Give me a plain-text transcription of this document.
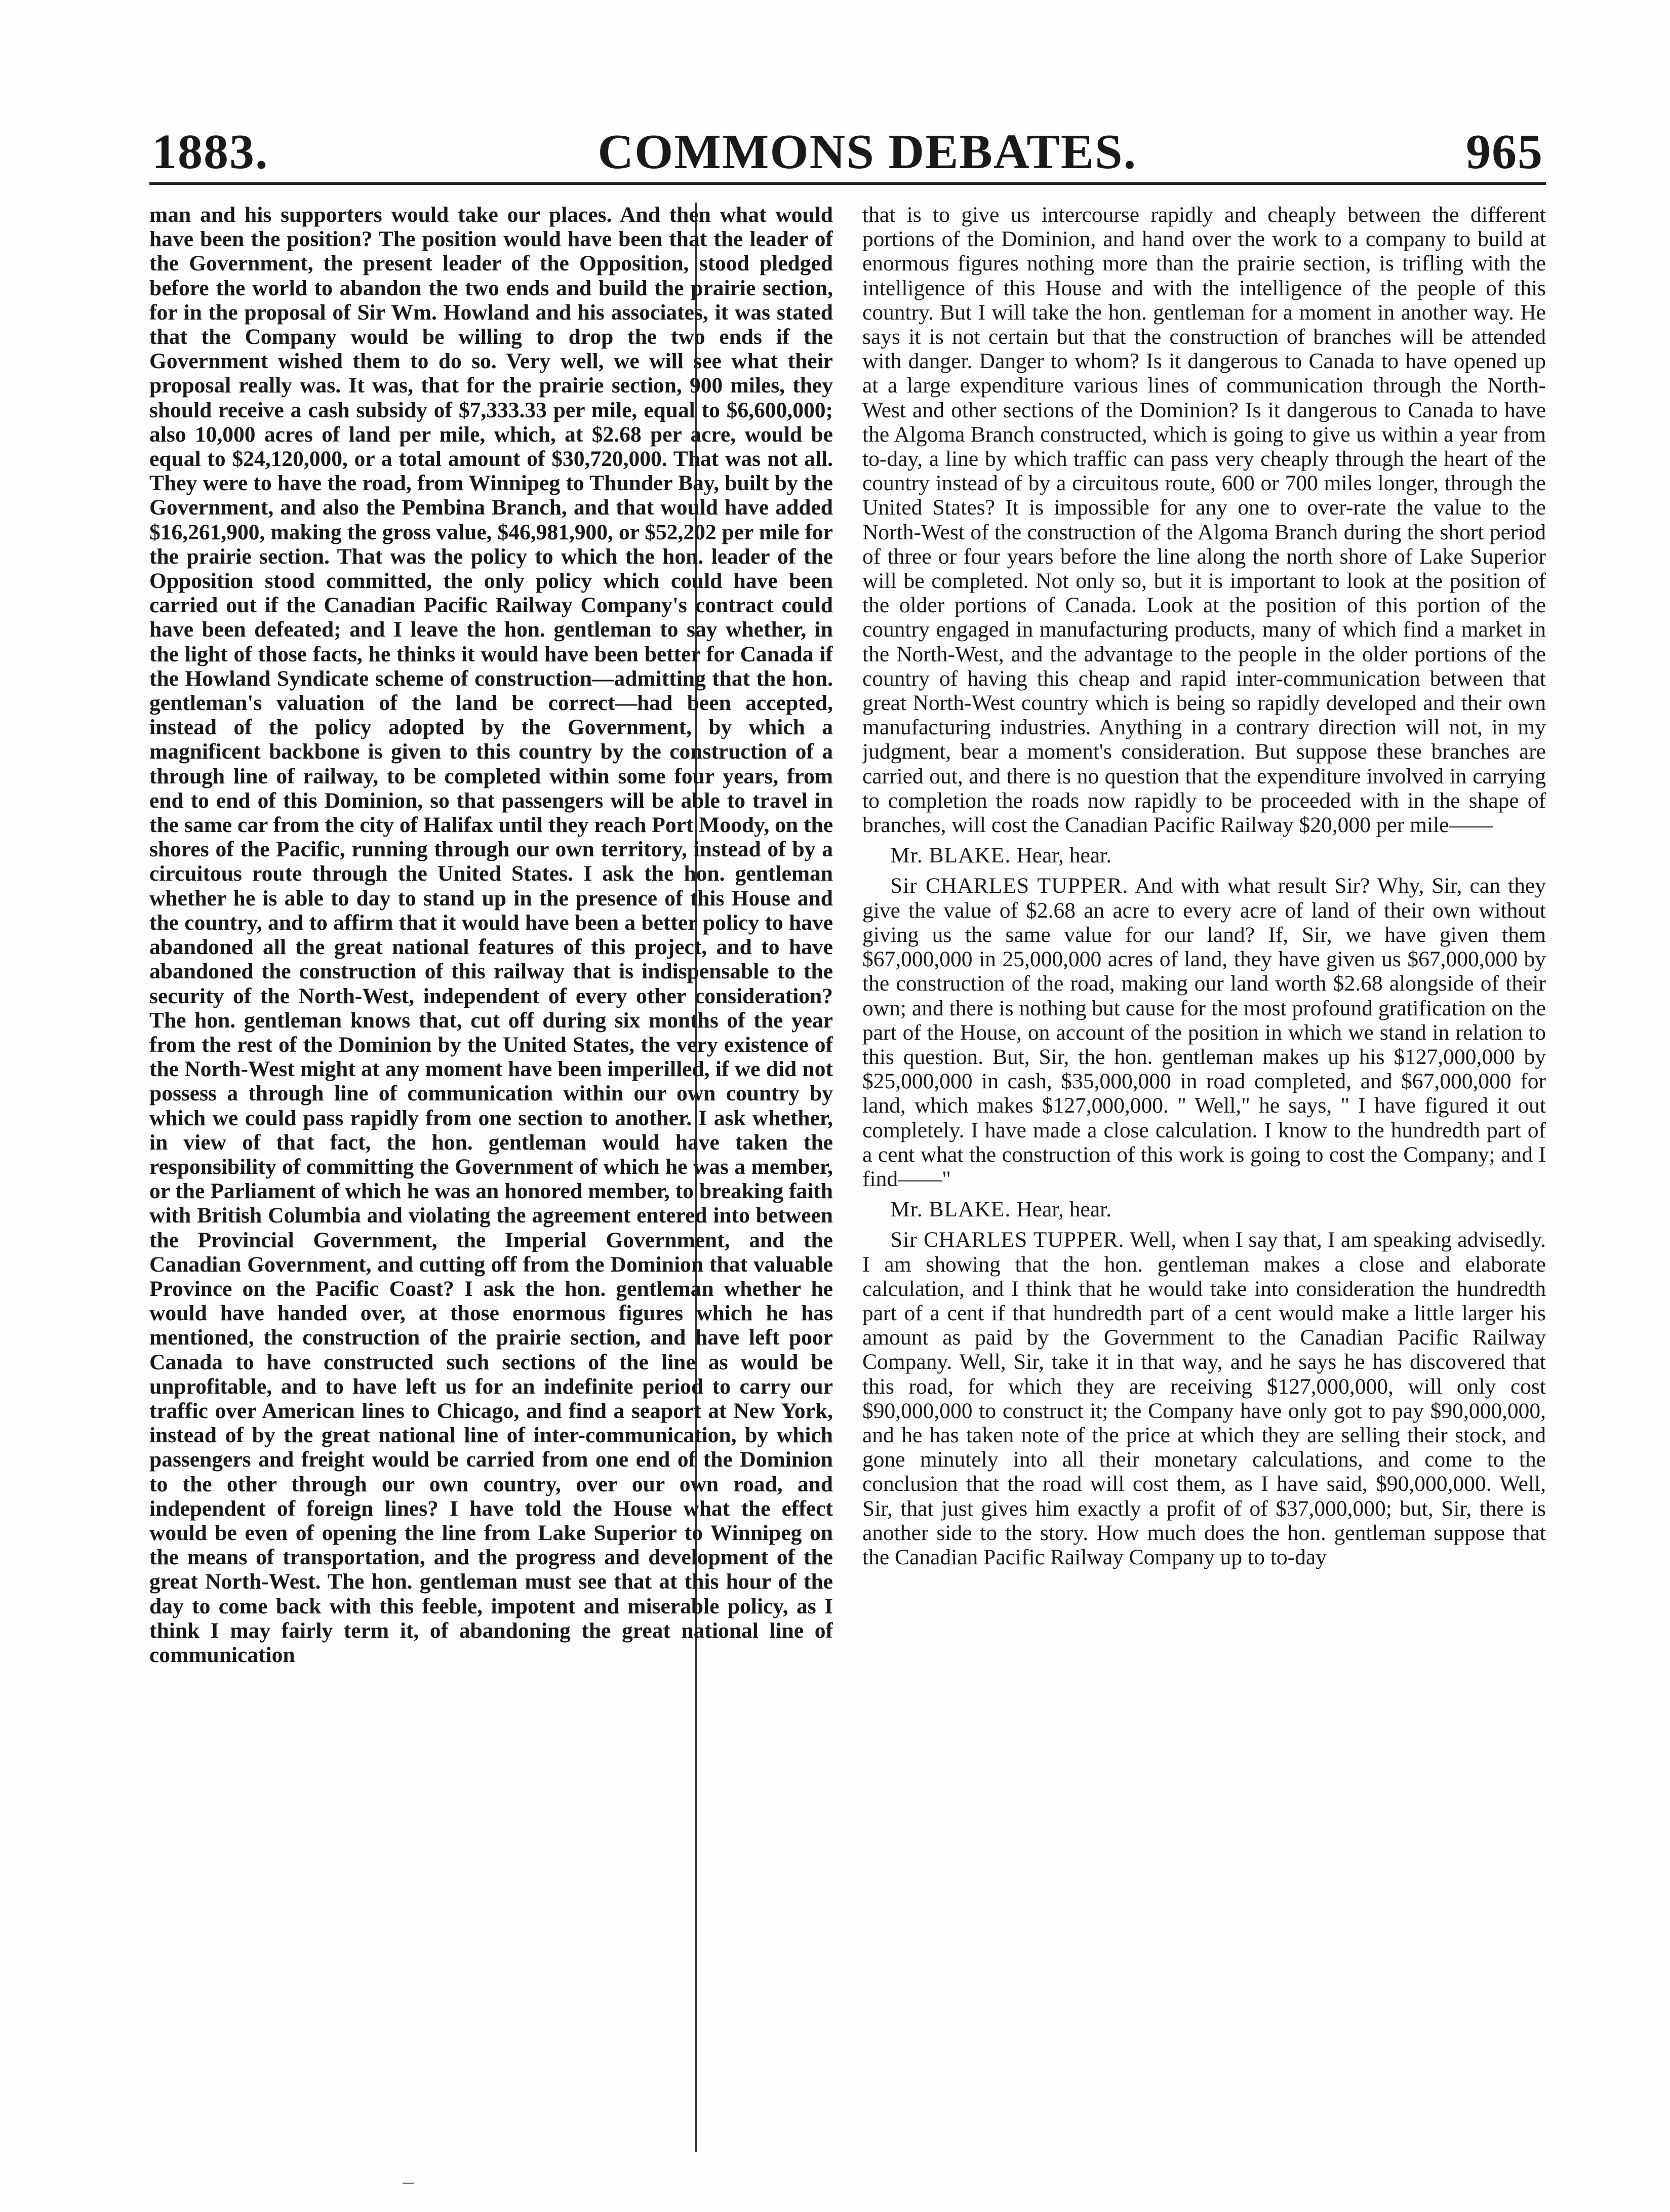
1883.	COMMONS DEBATES.	965

man and his supporters would take our places. And then what would have been the position? The position would have been that the leader of the Government, the present leader of the Opposition, stood pledged before the world to abandon the two ends and build the prairie section, for in the proposal of Sir Wm. Howland and his associates, it was stated that the Company would be willing to drop the two ends if the Government wished them to do so. Very well, we will see what their proposal really was. It was, that for the prairie section, 900 miles, they should receive a cash subsidy of $7,333.33 per mile, equal to $6,600,000; also 10,000 acres of land per mile, which, at $2.68 per acre, would be equal to $24,120,000, or a total amount of $30,720,000. That was not all. They were to have the road, from Winnipeg to Thunder Bay, built by the Government, and also the Pembina Branch, and that would have added $16,261,900, making the gross value, $46,981,900, or $52,202 per mile for the prairie section. That was the policy to which the hon. leader of the Opposition stood committed, the only policy which could have been carried out if the Canadian Pacific Railway Company's contract could have been defeated; and I leave the hon. gentleman to say whether, in the light of those facts, he thinks it would have been better for Canada if the Howland Syndicate scheme of construction—admitting that the hon. gentleman's valuation of the land be correct—had been accepted, instead of the policy adopted by the Government, by which a magnificent backbone is given to this country by the construction of a through line of railway, to be completed within some four years, from end to end of this Dominion, so that passengers will be able to travel in the same car from the city of Halifax until they reach Port Moody, on the shores of the Pacific, running through our own territory, instead of by a circuitous route through the United States. I ask the hon. gentleman whether he is able to day to stand up in the presence of this House and the country, and to affirm that it would have been a better policy to have abandoned all the great national features of this project, and to have abandoned the construction of this railway that is indispensable to the security of the North-West, independent of every other consideration? The hon. gentleman knows that, cut off during six months of the year from the rest of the Dominion by the United States, the very existence of the North-West might at any moment have been imperilled, if we did not possess a through line of communication within our own country by which we could pass rapidly from one section to another. I ask whether, in view of that fact, the hon. gentleman would have taken the responsibility of committing the Government of which he was a member, or the Parliament of which he was an honored member, to breaking faith with British Columbia and violating the agreement entered into between the Provincial Government, the Imperial Government, and the Canadian Government, and cutting off from the Dominion that valuable Province on the Pacific Coast? I ask the hon. gentleman whether he would have handed over, at those enormous figures which he has mentioned, the construction of the prairie section, and have left poor Canada to have constructed such sections of the line as would be unprofitable, and to have left us for an indefinite period to carry our traffic over American lines to Chicago, and find a seaport at New York, instead of by the great national line of inter-communication, by which passengers and freight would be carried from one end of the Dominion to the other through our own country, over our own road, and independent of foreign lines? I have told the House what the effect would be even of opening the line from Lake Superior to Winnipeg on the means of transportation, and the progress and development of the great North-West. The hon. gentleman must see that at this hour of the day to come back with this feeble, impotent and miserable policy, as I think I may fairly term it, of abandoning the great national line of communication

that is to give us intercourse rapidly and cheaply between the different portions of the Dominion, and hand over the work to a company to build at enormous figures nothing more than the prairie section, is trifling with the intelligence of this House and with the intelligence of the people of this country. But I will take the hon. gentleman for a moment in another way. He says it is not certain but that the construction of branches will be attended with danger. Danger to whom? Is it dangerous to Canada to have opened up at a large expenditure various lines of communication through the North-West and other sections of the Dominion? Is it dangerous to Canada to have the Algoma Branch constructed, which is going to give us within a year from to-day, a line by which traffic can pass very cheaply through the heart of the country instead of by a circuitous route, 600 or 700 miles longer, through the United States? It is impossible for any one to over-rate the value to the North-West of the construction of the Algoma Branch during the short period of three or four years before the line along the north shore of Lake Superior will be completed. Not only so, but it is important to look at the position of the older portions of Canada. Look at the position of this portion of the country engaged in manufacturing products, many of which find a market in the North-West, and the advantage to the people in the older portions of the country of having this cheap and rapid inter-communication between that great North-West country which is being so rapidly developed and their own manufacturing industries. Anything in a contrary direction will not, in my judgment, bear a moment's consideration. But suppose these branches are carried out, and there is no question that the expenditure involved in carrying to completion the roads now rapidly to be proceeded with in the shape of branches, will cost the Canadian Pacific Railway $20,000 per mile——

Mr. BLAKE. Hear, hear.

Sir CHARLES TUPPER. And with what result Sir? Why, Sir, can they give the value of $2.68 an acre to every acre of land of their own without giving us the same value for our land? If, Sir, we have given them $67,000,000 in 25,000,000 acres of land, they have given us $67,000,000 by the construction of the road, making our land worth $2.68 alongside of their own; and there is nothing but cause for the most profound gratification on the part of the House, on account of the position in which we stand in relation to this question. But, Sir, the hon. gentleman makes up his $127,000,000 by $25,000,000 in cash, $35,000,000 in road completed, and $67,000,000 for land, which makes $127,000,000. " Well," he says, " I have figured it out completely. I have made a close calculation. I know to the hundredth part of a cent what the construction of this work is going to cost the Company; and I find——"

Mr. BLAKE. Hear, hear.

Sir CHARLES TUPPER. Well, when I say that, I am speaking advisedly. I am showing that the hon. gentleman makes a close and elaborate calculation, and I think that he would take into consideration the hundredth part of a cent if that hundredth part of a cent would make a little larger his amount as paid by the Government to the Canadian Pacific Railway Company. Well, Sir, take it in that way, and he says he has discovered that this road, for which they are receiving $127,000,000, will only cost $90,000,000 to construct it; the Company have only got to pay $90,000,000, and he has taken note of the price at which they are selling their stock, and gone minutely into all their monetary calculations, and come to the conclusion that the road will cost them, as I have said, $90,000,000. Well, Sir, that just gives him exactly a profit of of $37,000,000; but, Sir, there is another side to the story. How much does the hon. gentleman suppose that the Canadian Pacific Railway Company up to to-day
